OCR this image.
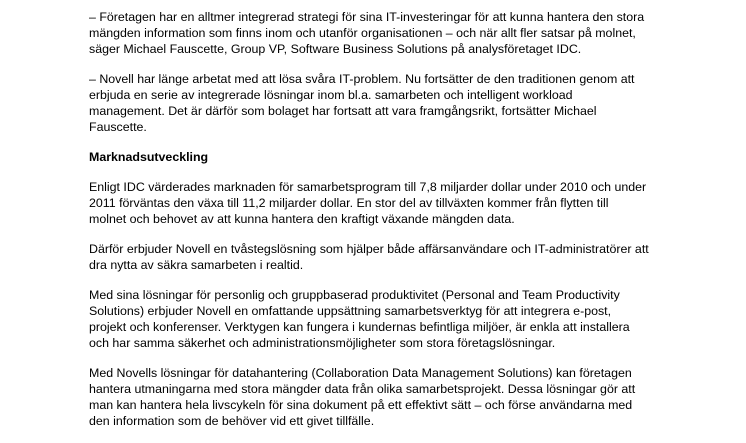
– Företagen har en alltmer integrerad strategi för sina IT-investeringar för att kunna hantera den stora
mängden information som finns inom och utanför organisationen – och när allt fler satsar på molnet,
säger Michael Fauscette, Group VP, Software Business Solutions på analysföretaget IDC.

– Novell har länge arbetat med att lösa svåra IT-problem. Nu fortsätter de den traditionen genom att
erbjuda en serie av integrerade lösningar inom bl.a. samarbeten och intelligent workload
management. Det är därför som bolaget har fortsatt att vara framgångsrikt, fortsätter Michael
Fauscette.

Marknadsutveckling

Enligt IDC värderades marknaden för samarbetsprogram till 7,8 miljarder dollar under 2010 och under
2011 förväntas den växa till 11,2 miljarder dollar. En stor del av tillväxten kommer från flytten till
molnet och behovet av att kunna hantera den kraftigt växande mängden data.

Därför erbjuder Novell en tvåstegslösning som hjälper både affärsanvändare och IT-administratörer att
dra nytta av säkra samarbeten i realtid.

Med sina lösningar för personlig och gruppbaserad produktivitet (Personal and Team Productivity
Solutions) erbjuder Novell en omfattande uppsättning samarbetsverktyg för att integrera e-post,
projekt och konferenser. Verktygen kan fungera i kundernas befintliga miljöer, är enkla att installera
och har samma säkerhet och administrationsmöjligheter som stora företagslösningar.

Med Novells lösningar för datahantering (Collaboration Data Management Solutions) kan företagen
hantera utmaningarna med stora mängder data från olika samarbetsprojekt. Dessa lösningar gör att
man kan hantera hela livscykeln för sina dokument på ett effektivt sätt – och förse användarna med
den information som de behöver vid ett givet tillfälle.
